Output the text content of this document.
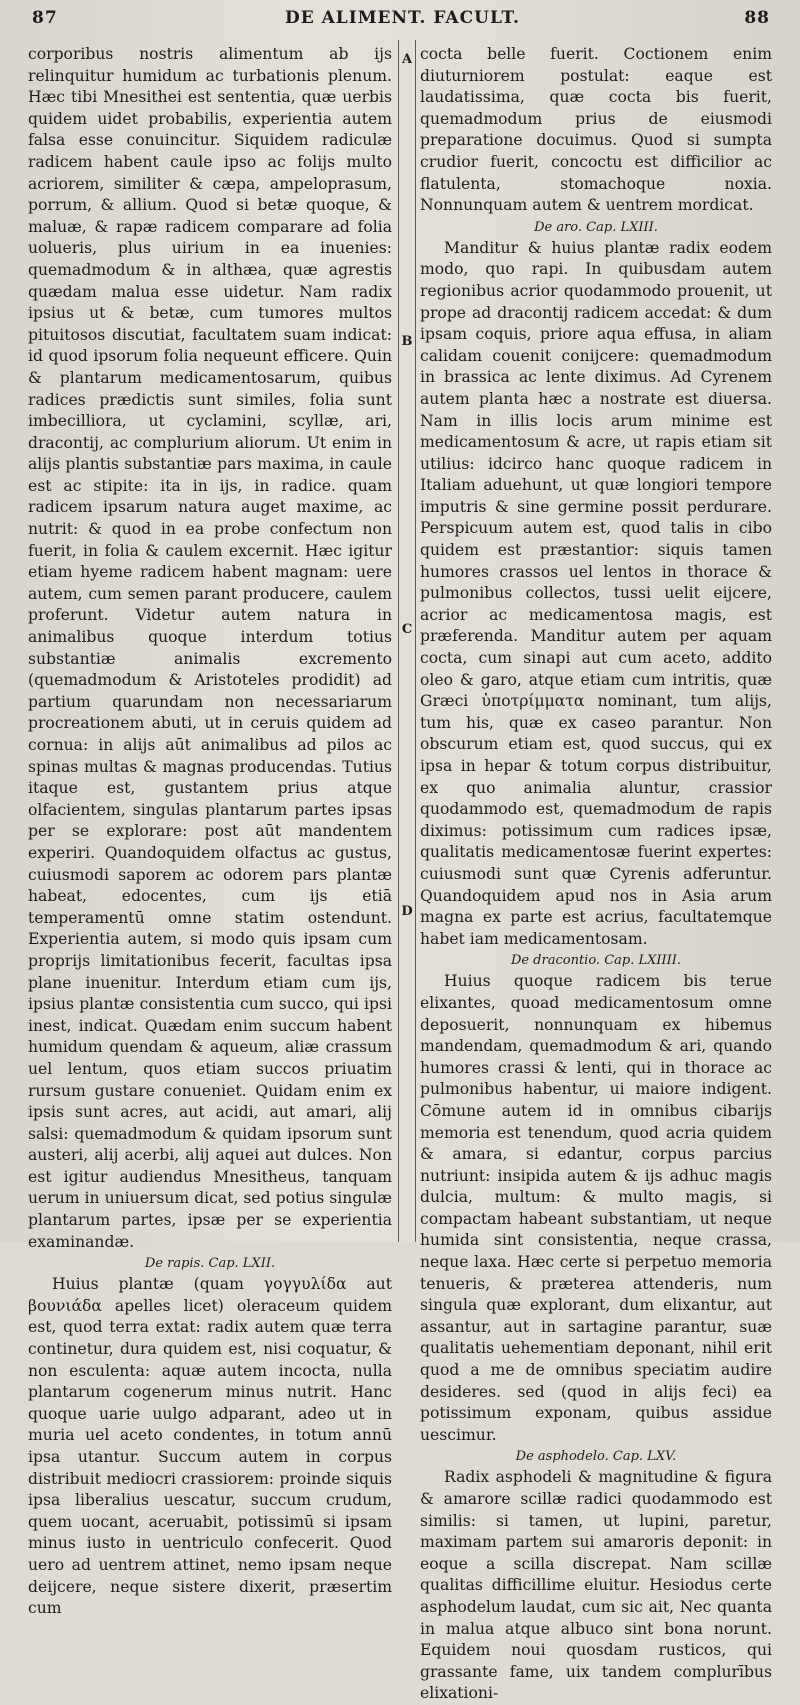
87	DE ALIMENT. FACULT.	88
A
B
C
D

corporibus nostris alimentum ab ijs relinquitur humidum ac turbationis plenum. Hæc tibi Mnesithei est sententia, quæ uerbis quidem uidet probabilis, experientia autem falsa esse conuincitur. Siquidem radiculæ radicem habent caule ipso ac folijs multo acriorem, similiter & cæpa, ampeloprasum, porrum, & allium. Quod si betæ quoque, & maluæ, & rapæ radicem comparare ad folia uolueris, plus uirium in ea inuenies: quemadmodum & in althæa, quæ agrestis quædam malua esse uidetur. Nam radix ipsius ut & betæ, cum tumores multos pituitosos discutiat, facultatem suam indicat: id quod ipsorum folia nequeunt efficere. Quin & plantarum medicamentosarum, quibus radices prædictis sunt similes, folia sunt imbecilliora, ut cyclamini, scyllæ, ari, dracontij, ac complurium aliorum. Ut enim in alijs plantis substantiæ pars maxima, in caule est ac stipite: ita in ijs, in radice. quam radicem ipsarum natura auget maxime, ac nutrit: & quod in ea probe confectum non fuerit, in folia & caulem excernit. Hæc igitur etiam hyeme radicem habent magnam: uere autem, cum semen parant producere, caulem proferunt. Videtur autem natura in animalibus quoque interdum totius substantiæ animalis excremento (quemadmodum & Aristoteles prodidit) ad partium quarundam non necessariarum procreationem abuti, ut in ceruis quidem ad cornua: in alijs aūt animalibus ad pilos ac spinas multas & magnas producendas. Tutius itaque est, gustantem prius atque olfacientem, singulas plantarum partes ipsas per se explorare: post aūt mandentem experiri. Quandoquidem olfactus ac gustus, cuiusmodi saporem ac odorem pars plantæ habeat, edocentes, cum ijs etiā temperamentū omne statim ostendunt. Experientia autem, si modo quis ipsam cum proprijs limitationibus fecerit, facultas ipsa plane inuenitur. Interdum etiam cum ijs, ipsius plantæ consistentia cum succo, qui ipsi inest, indicat. Quædam enim succum habent humidum quendam & aqueum, aliæ crassum uel lentum, quos etiam succos priuatim rursum gustare conueniet. Quidam enim ex ipsis sunt acres, aut acidi, aut amari, alij salsi: quemadmodum & quidam ipsorum sunt austeri, alij acerbi, alij aquei aut dulces. Non est igitur audiendus Mnesitheus, tanquam uerum in uniuersum dicat, sed potius singulæ plantarum partes, ipsæ per se experientia examinandæ.

De rapis. Cap. LXII.

Huius plantæ (quam γογγυλίδα aut βουνιάδα apelles licet) oleraceum quidem est, quod terra extat: radix autem quæ terra continetur, dura quidem est, nisi coquatur, & non esculenta: aquæ autem incocta, nulla plantarum cogenerum minus nutrit. Hanc quoque uarie uulgo adparant, adeo ut in muria uel aceto condentes, in totum annū ipsa utantur. Succum autem in corpus distribuit mediocri crassiorem: proinde siquis ipsa liberalius uescatur, succum crudum, quem uocant, aceruabit, potissimū si ipsam minus iusto in uentriculo confecerit. Quod uero ad uentrem attinet, nemo ipsam neque deijcere, neque sistere dixerit, præsertim cum

cocta belle fuerit. Coctionem enim diuturniorem postulat: eaque est laudatissima, quæ cocta bis fuerit, quemadmodum prius de eiusmodi preparatione docuimus. Quod si sumpta crudior fuerit, concoctu est difficilior ac flatulenta, stomachoque noxia. Nonnunquam autem & uentrem mordicat.

De aro. Cap. LXIII.

Manditur & huius plantæ radix eodem modo, quo rapi. In quibusdam autem regionibus acrior quodammodo prouenit, ut prope ad dracontij radicem accedat: & dum ipsam coquis, priore aqua effusa, in aliam calidam couenit conijcere: quemadmodum in brassica ac lente diximus. Ad Cyrenem autem planta hæc a nostrate est diuersa. Nam in illis locis arum minime est medicamentosum & acre, ut rapis etiam sit utilius: idcirco hanc quoque radicem in Italiam aduehunt, ut quæ longiori tempore imputris & sine germine possit perdurare. Perspicuum autem est, quod talis in cibo quidem est præstantior: siquis tamen humores crassos uel lentos in thorace & pulmonibus collectos, tussi uelit eijcere, acrior ac medicamentosa magis, est præferenda. Manditur autem per aquam cocta, cum sinapi aut cum aceto, addito oleo & garo, atque etiam cum intritis, quæ Græci ὑποτρίμματα nominant, tum alijs, tum his, quæ ex caseo parantur. Non obscurum etiam est, quod succus, qui ex ipsa in hepar & totum corpus distribuitur, ex quo animalia aluntur, crassior quodammodo est, quemadmodum de rapis diximus: potissimum cum radices ipsæ, qualitatis medicamentosæ fuerint expertes: cuiusmodi sunt quæ Cyrenis adferuntur. Quandoquidem apud nos in Asia arum magna ex parte est acrius, facultatemque habet iam medicamentosam.

De dracontio. Cap. LXIIII.

Huius quoque radicem bis terue elixantes, quoad medicamentosum omne deposuerit, nonnunquam ex hibemus mandendam, quemadmodum & ari, quando humores crassi & lenti, qui in thorace ac pulmonibus habentur, ui maiore indigent. Cōmune autem id in omnibus cibarijs memoria est tenendum, quod acria quidem & amara, si edantur, corpus parcius nutriunt: insipida autem & ijs adhuc magis dulcia, multum: & multo magis, si compactam habeant substantiam, ut neque humida sint consistentia, neque crassa, neque laxa. Hæc certe si perpetuo memoria tenueris, & præterea attenderis, num singula quæ explorant, dum elixantur, aut assantur, aut in sartagine parantur, suæ qualitatis uehementiam deponant, nihil erit quod a me de omnibus speciatim audire desideres. sed (quod in alijs feci) ea potissimum exponam, quibus assidue uescimur.

De asphodelo. Cap. LXV.

Radix asphodeli & magnitudine & figura & amarore scillæ radici quodammodo est similis: si tamen, ut lupini, paretur, maximam partem sui amaroris deponit: in eoque a scilla discrepat. Nam scillæ qualitas difficillime eluitur. Hesiodus certe asphodelum laudat, cum sic ait, Nec quanta in malua atque albuco sint bona norunt. Equidem noui quosdam rusticos, qui grassante fame, uix tandem complurībus elixationi-
